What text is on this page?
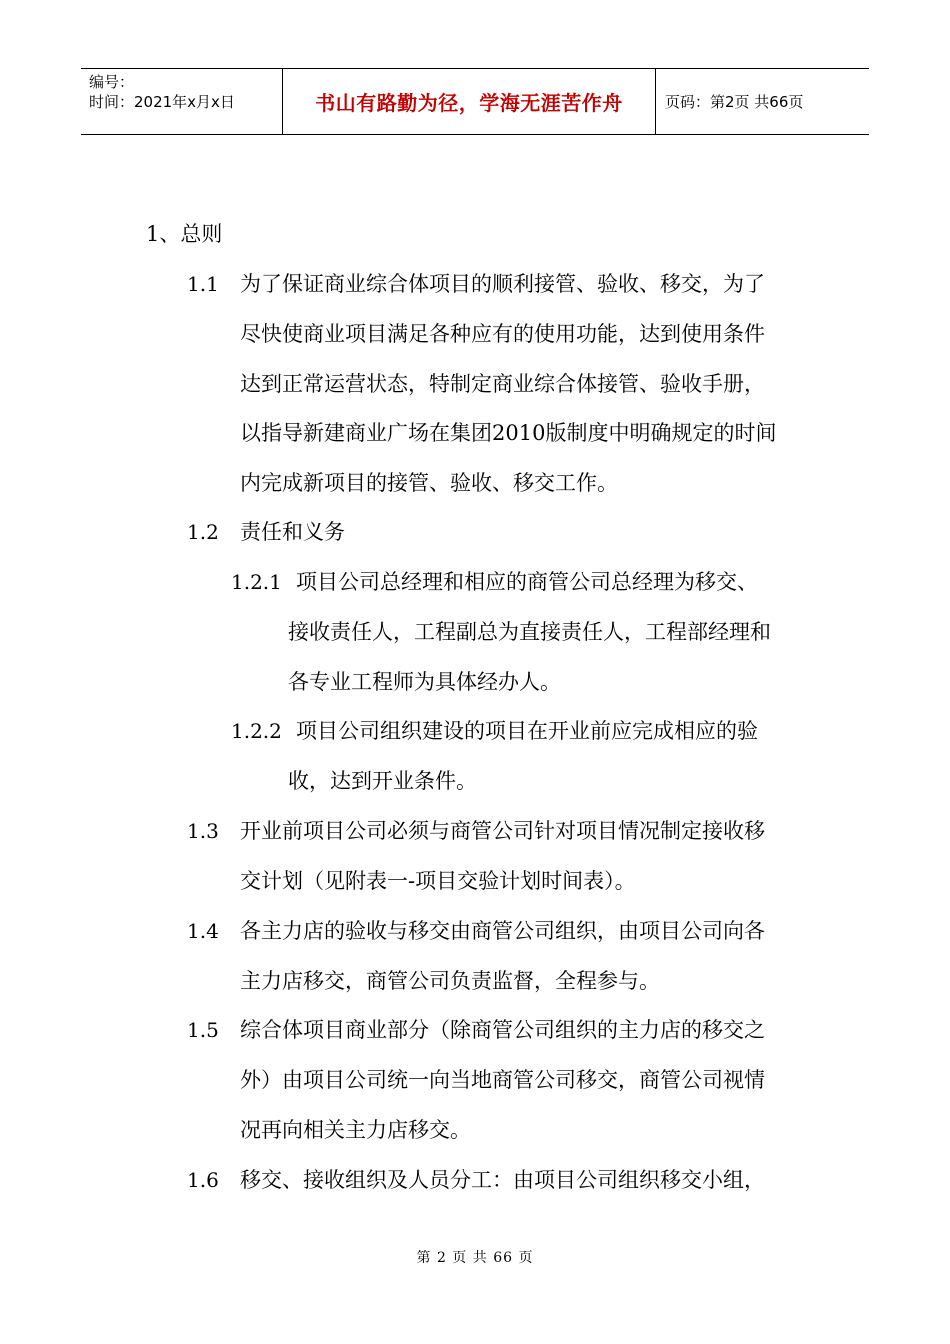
编号：
时间：2021年x月x日	书山有路勤为径，学海无涯苦作舟	页码：第2页 共66页
1、总则
1.1 为了保证商业综合体项目的顺利接管、验收、移交，为了
尽快使商业项目满足各种应有的使用功能，达到使用条件
达到正常运营状态，特制定商业综合体接管、验收手册，
以指导新建商业广场在集团2010版制度中明确规定的时间
内完成新项目的接管、验收、移交工作。
1.2 责任和义务
1.2.1 项目公司总经理和相应的商管公司总经理为移交、
接收责任人，工程副总为直接责任人，工程部经理和
各专业工程师为具体经办人。
1.2.2 项目公司组织建设的项目在开业前应完成相应的验
收，达到开业条件。
1.3 开业前项目公司必须与商管公司针对项目情况制定接收移
交计划（见附表一-项目交验计划时间表）。
1.4 各主力店的验收与移交由商管公司组织，由项目公司向各
主力店移交，商管公司负责监督，全程参与。
1.5 综合体项目商业部分（除商管公司组织的主力店的移交之
外）由项目公司统一向当地商管公司移交，商管公司视情
况再向相关主力店移交。
1.6 移交、接收组织及人员分工：由项目公司组织移交小组，
第 2 页 共 66 页
